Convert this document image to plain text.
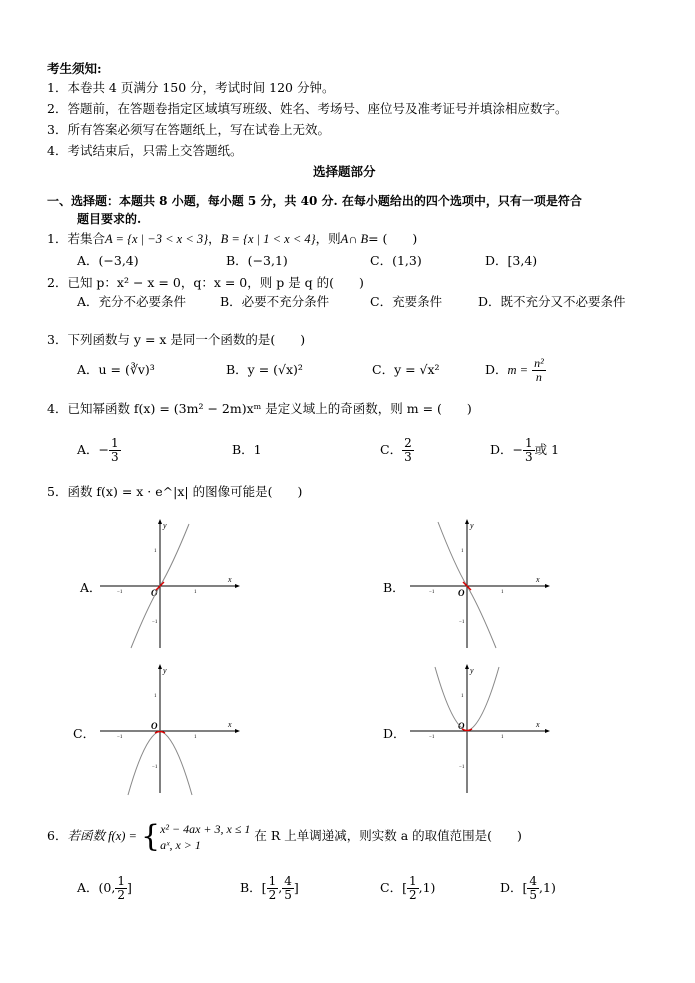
考生须知:
1．本卷共 4 页满分 150 分，考试时间 120 分钟。
2．答题前，在答题卷指定区域填写班级、姓名、考场号、座位号及准考证号并填涂相应数字。
3．所有答案必须写在答题纸上，写在试卷上无效。
4．考试结束后，只需上交答题纸。
选择题部分
一、选择题：本题共 8 小题，每小题 5 分，共 40 分. 在每小题给出的四个选项中，只有一项是符合
题目要求的.
1．若集合A = {x | −3 < x < 3}，B = {x | 1 < x < 4}，则A∩ B= (　　)
A．(−3,4)	B．(−3,1)	C．(1,3)	D．[3,4)
2．已知 p：x² − x = 0，q：x = 0，则 p 是 q 的(　　)
A．充分不必要条件	B．必要不充分条件	C．充要条件	D．既不充分又不必要条件
3．下列函数与 y = x 是同一个函数的是(　　)
A．u = (∛v)³	B．y = (√x)²	C．y = √x²	D．$m = \frac{\text{n²}}{n}$
4．已知幂函数 f(x) = (3m² − 2m)xᵐ 是定义域上的奇函数，则 m = (　　)
A．− $\frac{1}{3}$	B．1	C． $\frac{2}{3}$	D．− $\frac{1}{3}$ 或 1
5．函数 f(x) = x · e^|x| 的图像可能是(　　)
A．	B．
C．	D．
x
y
O	1
−1
1
−1
x
y
O	1
−1
1
−1
x
y
O
1
−1
1
−1
x
y
O
1
−1
1
−1
6．若函数 f(x) = { x² − 4ax + 3, x ≤ 1
aˣ, x > 1
在 R 上单调递减，则实数 a 的取值范围是(　　)
A．(0, $\frac{1}{2}$ ]	B．[ $\frac{1}{2}$ , $\frac{4}{5}$ ]	C．[ $\frac{1}{2} ,1$)	D．[ $\frac{4}{5} ,1$)
